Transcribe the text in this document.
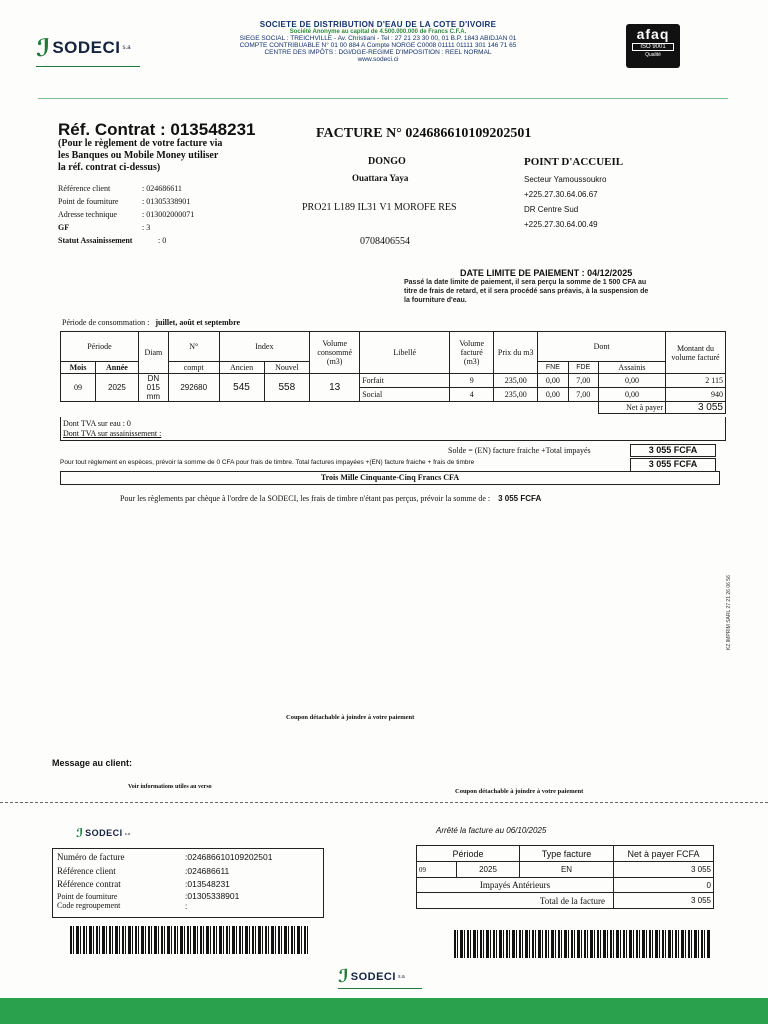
ℐ SODECI s.a
SOCIETE DE DISTRIBUTION D'EAU DE LA COTE D'IVOIRE
Société Anonyme au capital de 4.500.000.000 de Francs C.F.A.
SIEGE SOCIAL : TREICHVILLE - Av. Christiani - Tel : 27 21 23 30 00, 01 B.P. 1843 ABIDJAN 01
COMPTE CONTRIBUABLE N° 01 00 884 A Compte NORGE C0008 01111 01111 301 146 71 65
CENTRE DES IMPÔTS : DGI/DGE-REGIME D'IMPOSITION : REEL NORMAL
www.sodeci.ci
afaq
ISO 9001
Qualité
Réf. Contrat : 013548231
(Pour le règlement de votre facture via
les Banques ou Mobile Money utiliser
la réf. contrat ci-dessus)
Référence client	: 024686611
Point de fourniture	: 01305338901
Adresse technique	: 013002000071
GF	: 3
Statut Assainissement	: 0
FACTURE N° 024686610109202501
DONGO
Ouattara Yaya
PRO21 L189 IL31 V1 MOROFE RES
0708406554
POINT D'ACCUEIL
Secteur Yamoussoukro
+225.27.30.64.06.67
DR Centre Sud
+225.27.30.64.00.49
DATE LIMITE DE PAIEMENT : 04/12/2025
Passé la date limite de paiement, il sera perçu la somme de 1 500 CFA au
titre de frais de retard, et il sera procédé sans préavis, à la suspension de
la fourniture d'eau.
Période de consommation : juillet, août et septembre
Période		Diam	N°	Index		Volume consommé (m3)	Libellé	Volume facturé (m3)	Prix du m3	Dont			Montant du volume facturé
Mois	Année		compt	Ancien	Nouvel					FNE	FDE	Assainis	
09	2025	DN 015 mm	292680	545	558	13	Forfait	9	235,00	0,00	7,00	0,00	2 115
							Social	4	235,00	0,00	7,00	0,00	940
												Net à payer	3 055
Dont TVA sur eau : 0
Dont TVA sur assainissement :
Solde = (EN) facture fraiche +Total impayés	3 055 FCFA
Pour tout règlement en espèces, prévoir la somme de 0 CFA pour frais de timbre. Total factures impayées +(EN) facture fraiche + frais de timbre	3 055 FCFA
Trois Mille Cinquante-Cinq Francs CFA
Pour les règlements par chèque à l'ordre de la SODECI, les frais de timbre n'étant pas perçus, prévoir la somme de : 3 055 FCFA
KZ IMPRIM SARL 27 21 26 06 56
Coupon détachable à joindre à votre paiement
Message au client:
Voir informations utiles au verso
Coupon détachable à joindre à votre paiement
ℐ SODECI s.a	Arrêté la facture au 06/10/2025
Numéro de facture	:024686610109202501
Référence client	:024686611
Référence contrat	:013548231
Point de fourniture	:01305338901
Code regroupement	:
Période		Type facture	Net à payer FCFA
09	2025	EN	3 055
Impayés Antérieurs			0
Total de la facture			3 055
ℐ SODECI s.a
